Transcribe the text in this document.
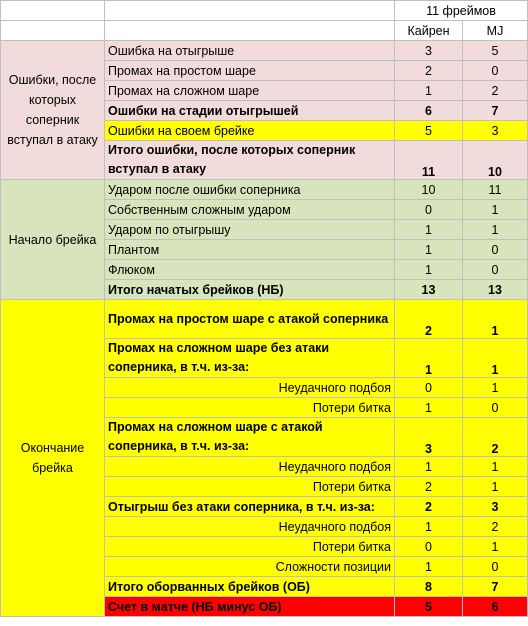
		11 фреймов	
		Кайрен	MJ
Ошибки, после которых соперник вступал в атаку	Ошибка на отыгрыше	3	5
	Промах на простом шаре	2	0
	Промах на сложном шаре	1	2
	Ошибки на стадии отыгрышей	6	7
	Ошибки на своем брейке	5	3
	Итого ошибки, после которых соперник вступал в атаку	11	10
Начало брейка	Ударом после ошибки соперника	10	11
	Собственным сложным ударом	0	1
	Ударом по отыгрышу	1	1
	Плантом	1	0
	Флюком	1	0
	Итого начатых брейков (НБ)	13	13
Окончание брейка	Промах на простом шаре с атакой соперника	2	1
	Промах на сложном шаре без атаки соперника, в т.ч. из-за:	1	1
	Неудачного подбоя	0	1
	Потери битка	1	0
	Промах на сложном шаре с атакой соперника, в т.ч. из-за:	3	2
	Неудачного подбоя	1	1
	Потери битка	2	1
	Отыгрыш без атаки соперника, в т.ч. из-за:	2	3
	Неудачного подбоя	1	2
	Потери битка	0	1
	Сложности позиции	1	0
	Итого оборванных брейков (ОБ)	8	7
	Счет в матче (НБ минус ОБ)	5	6
